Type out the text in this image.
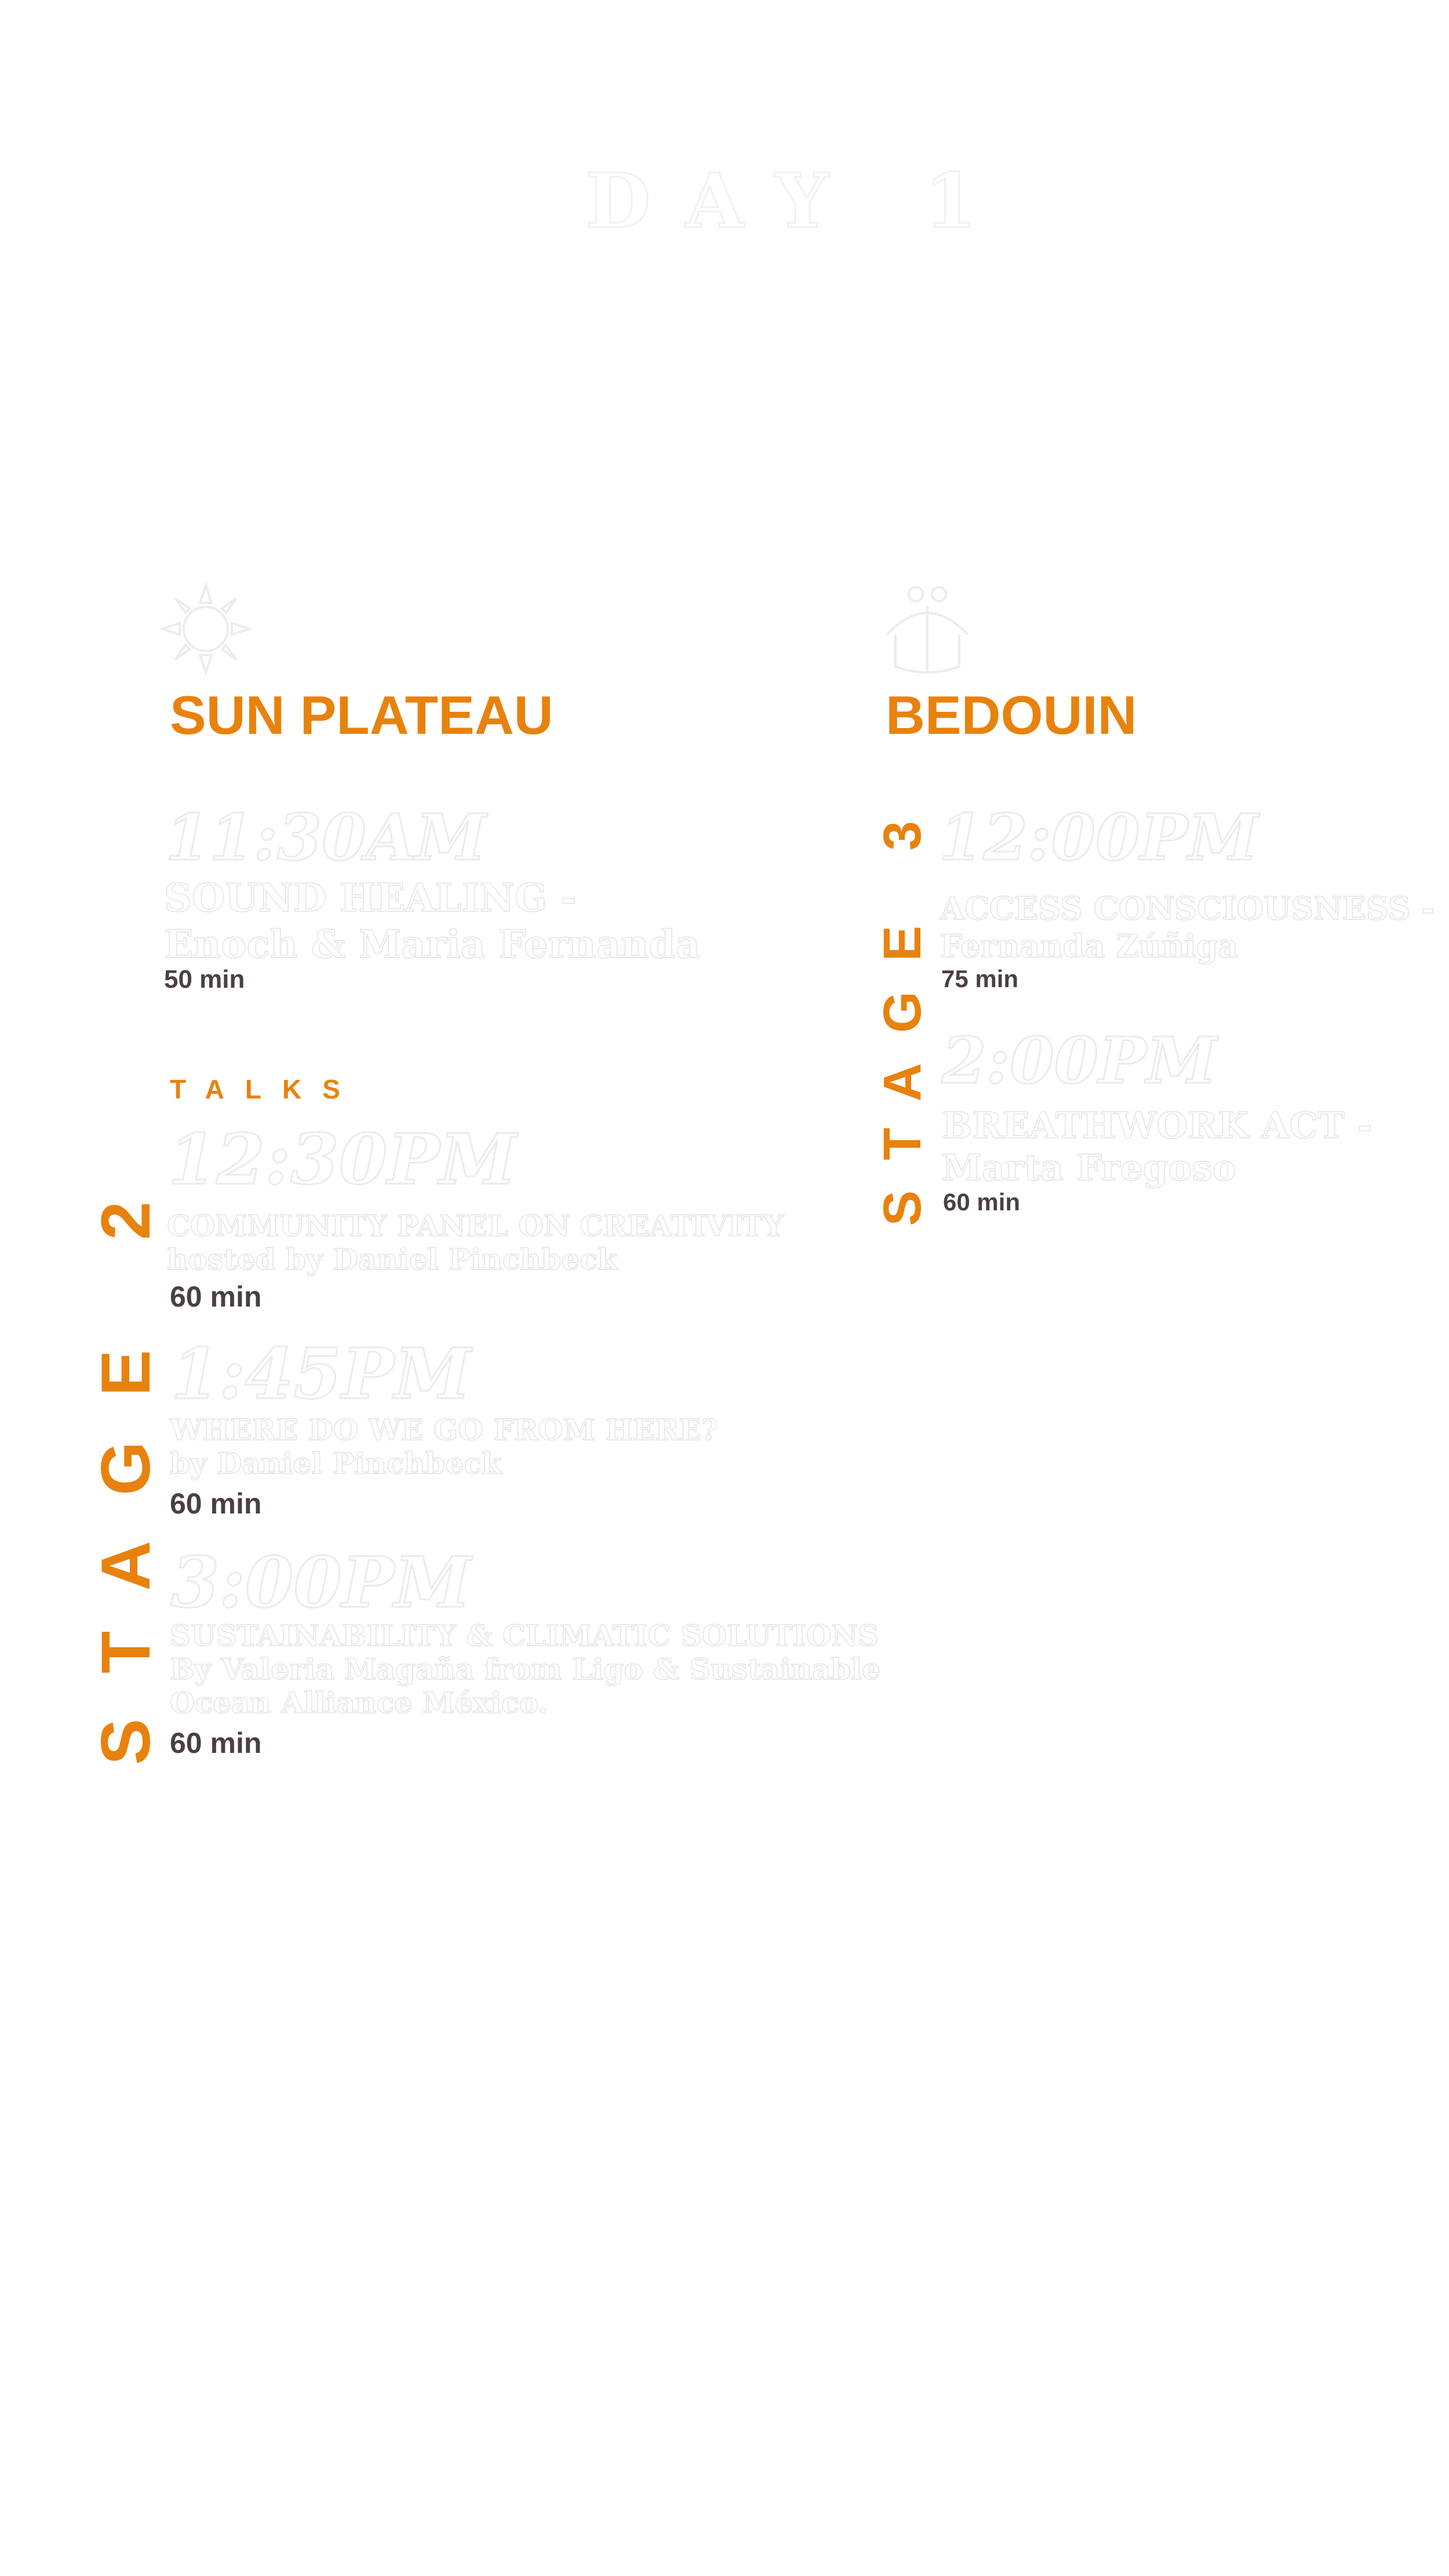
DAY 1
SUN PLATEAU
11:30AM
SOUND HEALING -
Enoch & Maria Fernanda
50 min
TALKS
STAGE 2 12:30PM
COMMUNITY PANEL ON CREATIVITY
hosted by Daniel Pinchbeck
60 min
1:45PM
WHERE DO WE GO FROM HERE?
by Daniel Pinchbeck
60 min
3:00PM
SUSTAINABILITY & CLIMATIC SOLUTIONS
By Valeria Magaña from Ligo & Sustainable
Ocean Alliance México.
60 min
BEDOUIN
STAGE 3 12:00PM
ACCESS CONSCIOUSNESS -
Fernanda Zúñiga
75 min
2:00PM
BREATHWORK ACT -
Marta Fregoso
60 min
